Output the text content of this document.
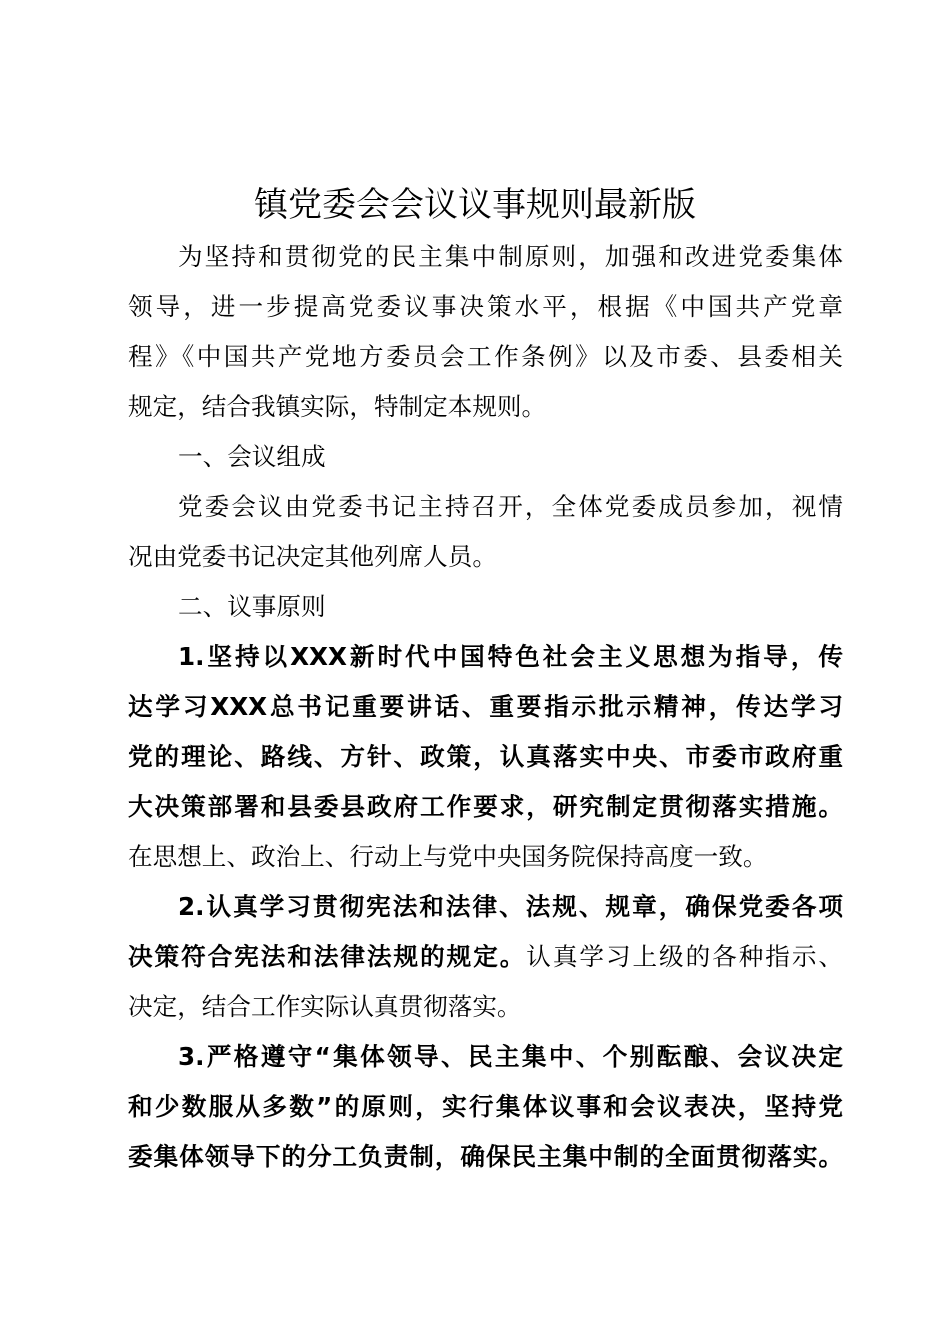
镇党委会会议议事规则最新版
为坚持和贯彻党的民主集中制原则，加强和改进党委集体
领导，进一步提高党委议事决策水平，根据《中国共产党章
程》《中国共产党地方委员会工作条例》以及市委、县委相关
规定，结合我镇实际，特制定本规则。
一、会议组成
党委会议由党委书记主持召开，全体党委成员参加，视情
况由党委书记决定其他列席人员。
二、议事原则
1.坚持以XXX新时代中国特色社会主义思想为指导，传
达学习XXX总书记重要讲话、重要指示批示精神，传达学习
党的理论、路线、方针、政策，认真落实中央、市委市政府重
大决策部署和县委县政府工作要求，研究制定贯彻落实措施。
在思想上、政治上、行动上与党中央国务院保持高度一致。
2.认真学习贯彻宪法和法律、法规、规章，确保党委各项
决策符合宪法和法律法规的规定。认真学习上级的各种指示、
决定，结合工作实际认真贯彻落实。
3.严格遵守“集体领导、民主集中、个别酝酿、会议决定
和少数服从多数”的原则，实行集体议事和会议表决，坚持党
委集体领导下的分工负责制，确保民主集中制的全面贯彻落实。
